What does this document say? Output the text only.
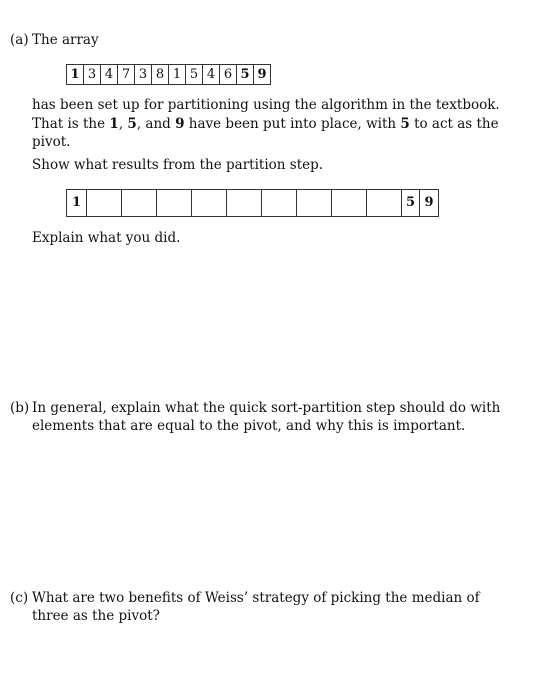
(a) The array
1 3 4 7 3 8 1 5 4 6 5 9
has been set up for partitioning using the algorithm in the textbook.
That is the 1, 5, and 9 have been put into place, with 5 to act as the
pivot.
Show what results from the partition step.
1	5 9
Explain what you did.
(b) In general, explain what the quick sort-partition step should do with
elements that are equal to the pivot, and why this is important.
(c) What are two benefits of Weiss’ strategy of picking the median of
three as the pivot?
